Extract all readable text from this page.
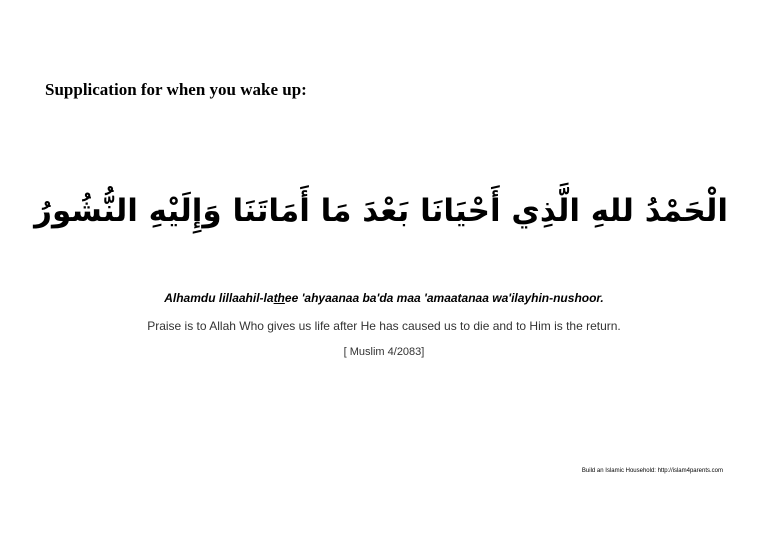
Supplication for when you wake up:
الْحَمْدُ للهِ الَّذِي أَحْيَانَا بَعْدَ مَا أَمَاتَنَا وَإِلَيْهِ النُّشُورُ
Alhamdu lillaahil-lathee 'ahyaanaa ba'da maa 'amaatanaa wa'ilayhin-nushoor.
Praise is to Allah Who gives us life after He has caused us to die and to Him is the return.
[ Muslim 4/2083]
Build an Islamic Household: http://islam4parents.com
